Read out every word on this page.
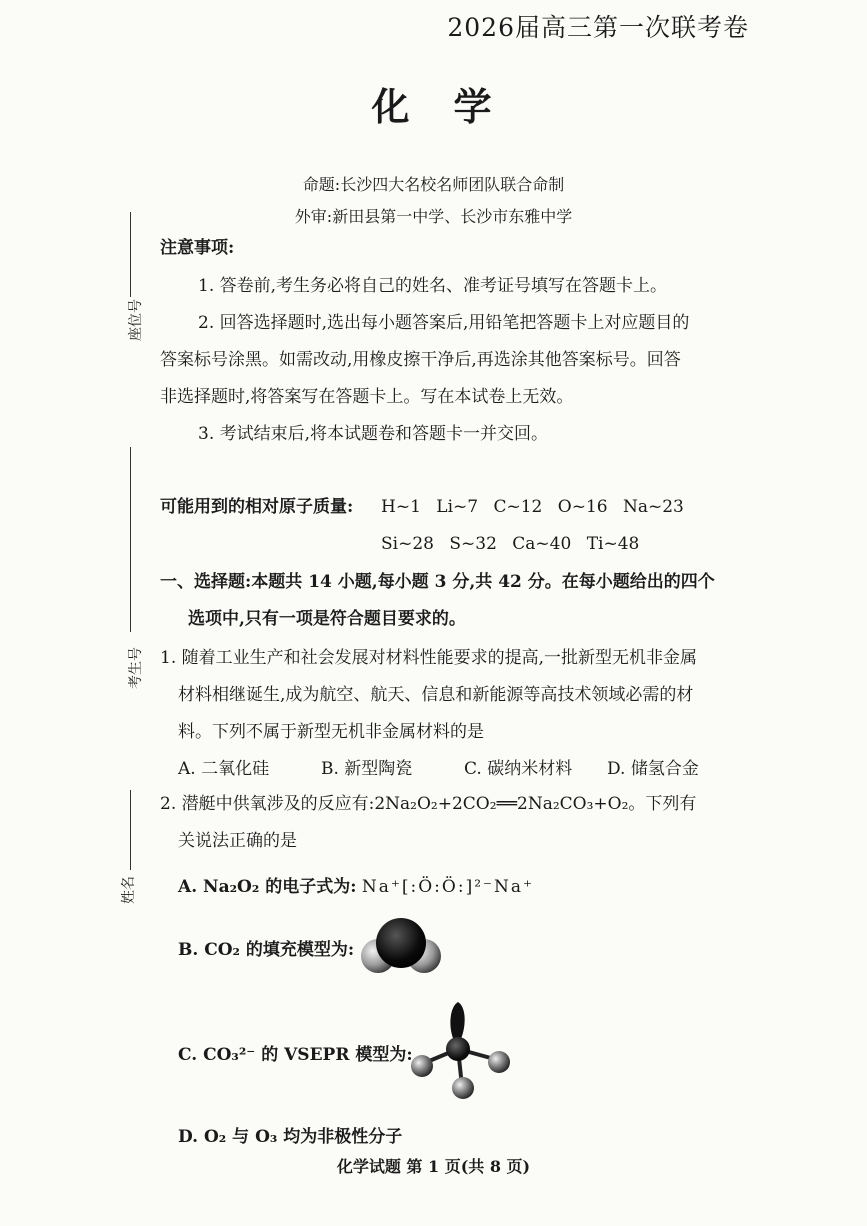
2026届高三第一次联考卷
化学
命题:长沙四大名校名师团队联合命制
外审:新田县第一中学、长沙市东雅中学
座位号
考生号
姓名
注意事项:
1. 答卷前,考生务必将自己的姓名、准考证号填写在答题卡上。
2. 回答选择题时,选出每小题答案后,用铅笔把答题卡上对应题目的
答案标号涂黑。如需改动,用橡皮擦干净后,再选涂其他答案标号。回答
非选择题时,将答案写在答题卡上。写在本试卷上无效。
3. 考试结束后,将本试题卷和答题卡一并交回。
可能用到的相对原子质量: H~1 Li~7 C~12 O~16 Na~23
Si~28 S~32 Ca~40 Ti~48
一、选择题:本题共 14 小题,每小题 3 分,共 42 分。在每小题给出的四个
选项中,只有一项是符合题目要求的。
1. 随着工业生产和社会发展对材料性能要求的提高,一批新型无机非金属
材料相继诞生,成为航空、航天、信息和新能源等高技术领域必需的材
料。下列不属于新型无机非金属材料的是
A. 二氧化硅	B. 新型陶瓷	C. 碳纳米材料	D. 储氢合金
2. 潜艇中供氧涉及的反应有:2Na₂O₂+2CO₂══2Na₂CO₃+O₂。下列有
关说法正确的是
A. Na₂O₂ 的电子式为: Na⁺[:Ö:Ö:]²⁻Na⁺
B. CO₂ 的填充模型为:
C. CO₃²⁻ 的 VSEPR 模型为:
D. O₂ 与 O₃ 均为非极性分子
化学试题 第 1 页(共 8 页)
